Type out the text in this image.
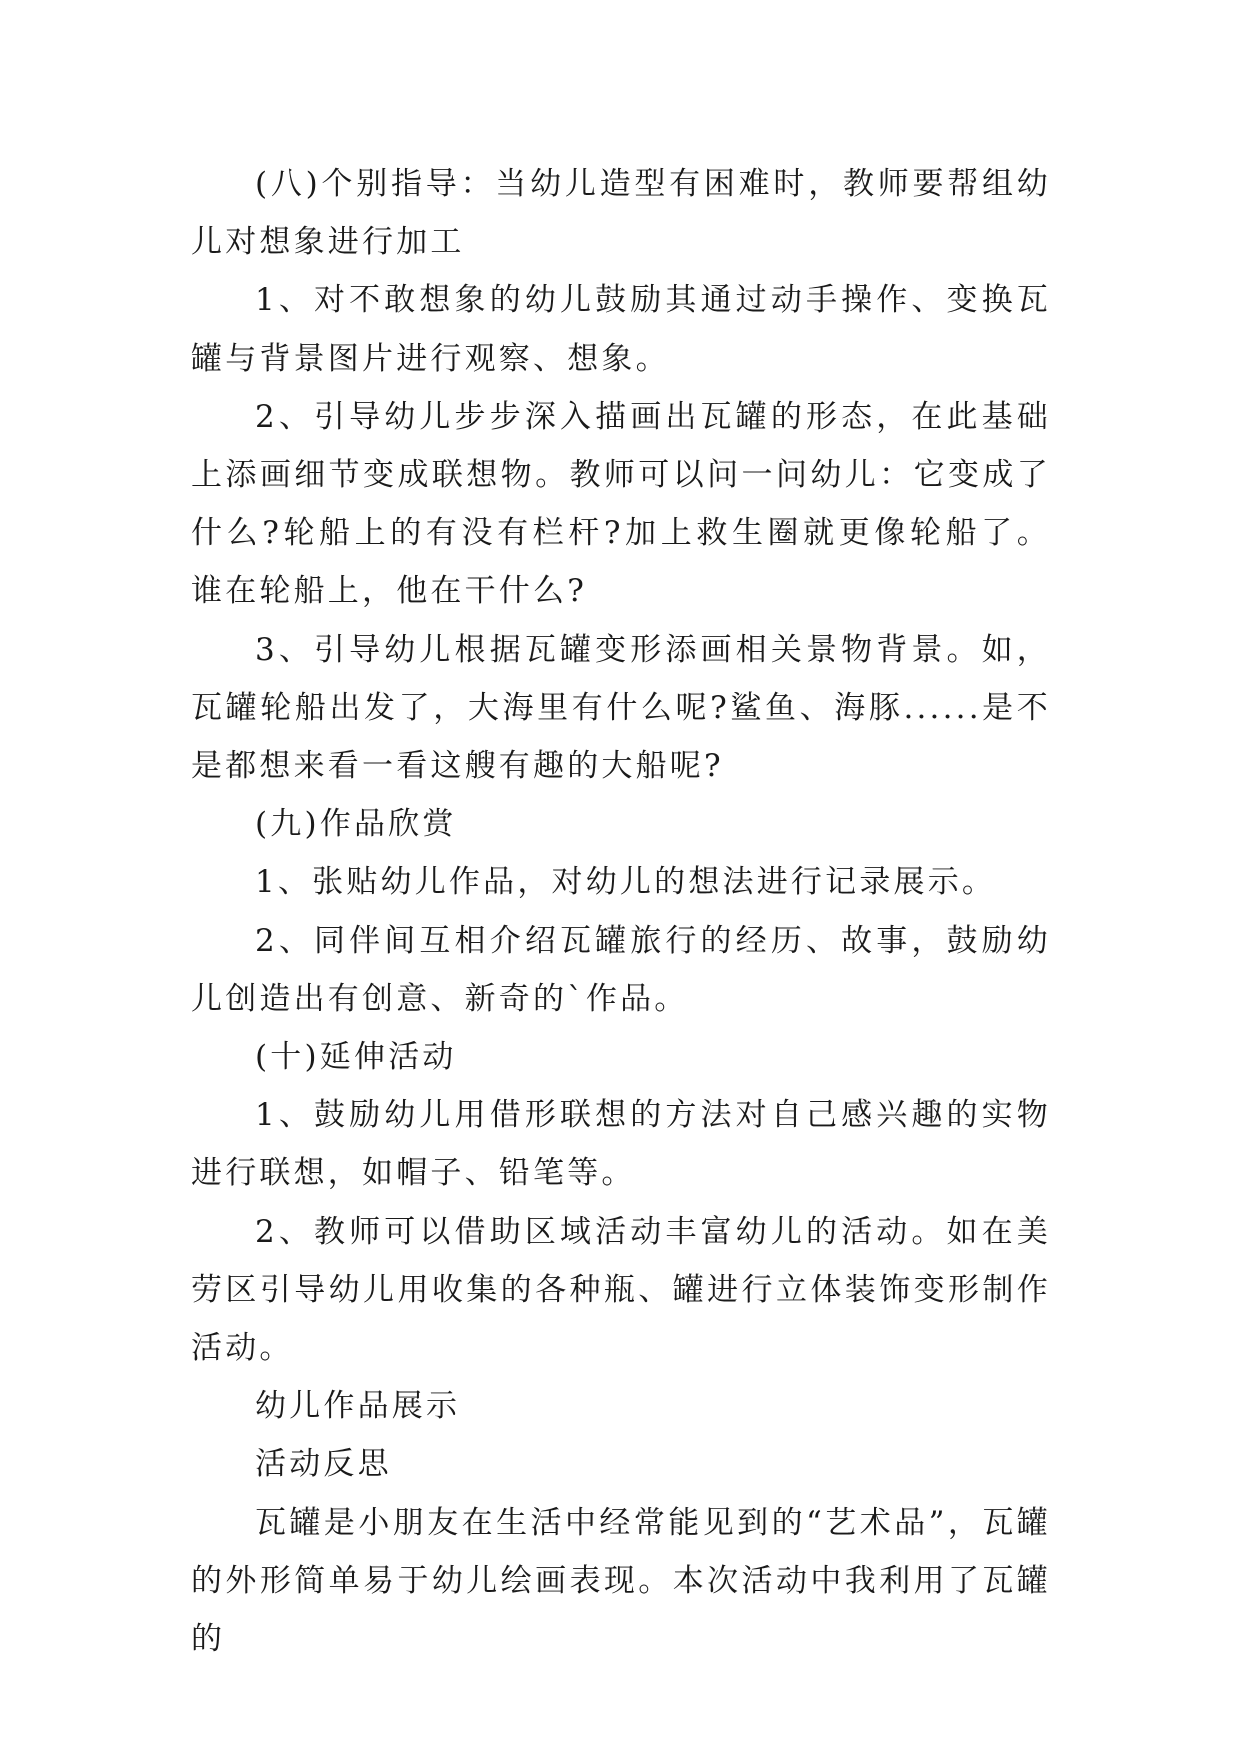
(八)个别指导：当幼儿造型有困难时，教师要帮组幼儿对想象进行加工

1、对不敢想象的幼儿鼓励其通过动手操作、变换瓦罐与背景图片进行观察、想象。

2、引导幼儿步步深入描画出瓦罐的形态，在此基础上添画细节变成联想物。教师可以问一问幼儿：它变成了什么?轮船上的有没有栏杆?加上救生圈就更像轮船了。谁在轮船上，他在干什么?

3、引导幼儿根据瓦罐变形添画相关景物背景。如，瓦罐轮船出发了，大海里有什么呢?鲨鱼、海豚......是不是都想来看一看这艘有趣的大船呢?

(九)作品欣赏

1、张贴幼儿作品，对幼儿的想法进行记录展示。

2、同伴间互相介绍瓦罐旅行的经历、故事，鼓励幼儿创造出有创意、新奇的`作品。

(十)延伸活动

1、鼓励幼儿用借形联想的方法对自己感兴趣的实物进行联想，如帽子、铅笔等。

2、教师可以借助区域活动丰富幼儿的活动。如在美劳区引导幼儿用收集的各种瓶、罐进行立体装饰变形制作活动。

幼儿作品展示

活动反思

瓦罐是小朋友在生活中经常能见到的“艺术品”，瓦罐的外形简单易于幼儿绘画表现。本次活动中我利用了瓦罐的
